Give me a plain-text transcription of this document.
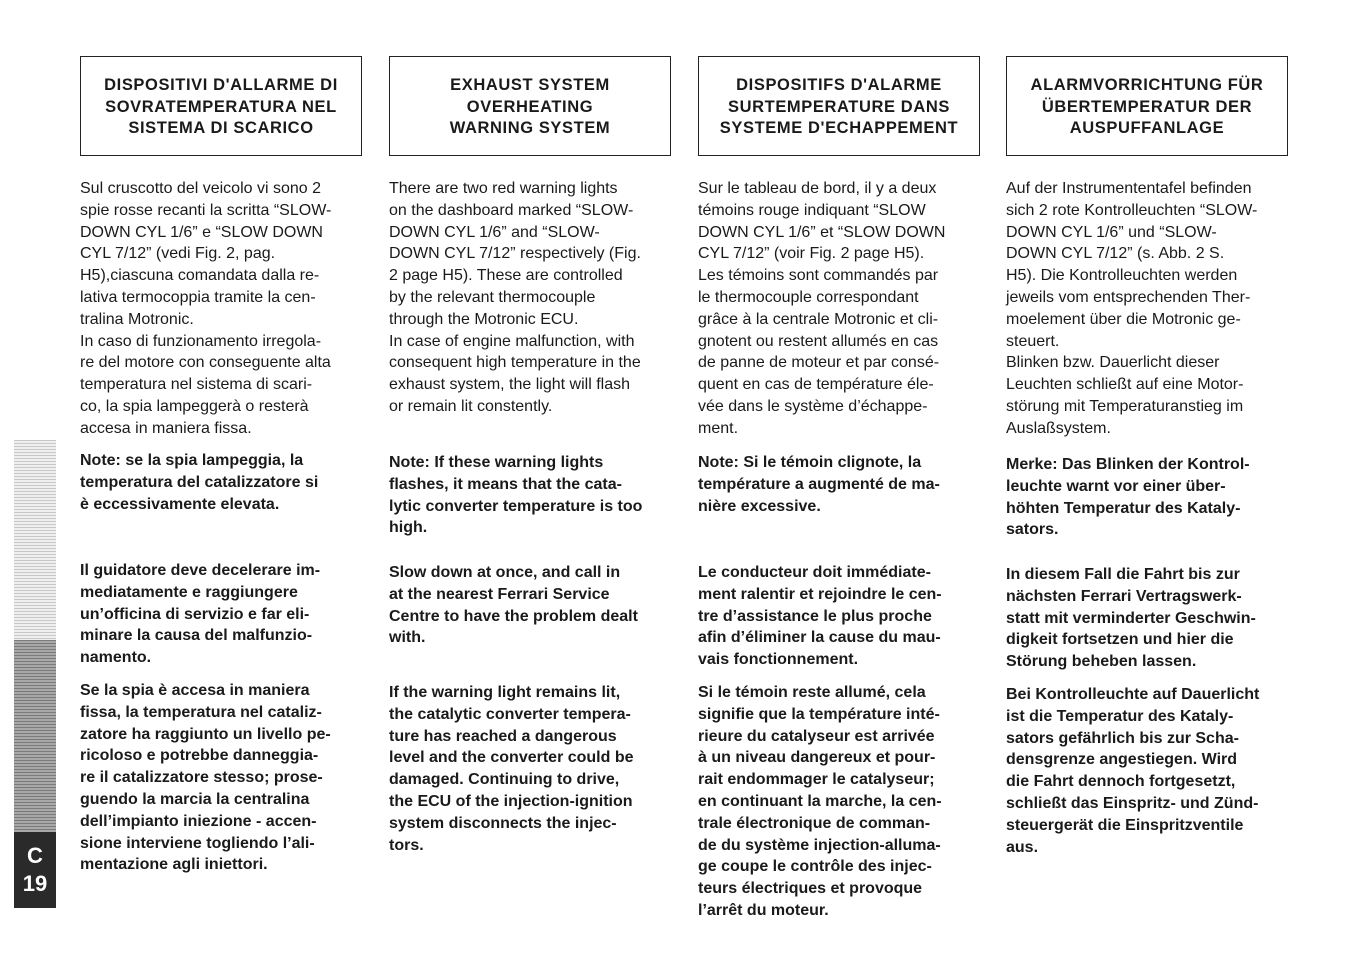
DISPOSITIVI D'ALLARME DI
SOVRATEMPERATURA NEL
SISTEMA DI SCARICO
Sul cruscotto del veicolo vi sono 2
spie rosse recanti la scritta “SLOW-
DOWN CYL 1/6” e “SLOW DOWN
CYL 7/12” (vedi Fig. 2, pag.
H5),ciascuna comandata dalla re-
lativa termocoppia tramite la cen-
tralina Motronic.
In caso di funzionamento irregola-
re del motore con conseguente alta
temperatura nel sistema di scari-
co, la spia lampeggerà o resterà
accesa in maniera fissa.
Note: se la spia lampeggia, la
temperatura del catalizzatore si
è eccessivamente elevata.
Il guidatore deve decelerare im-
mediatamente e raggiungere
un’officina di servizio e far eli-
minare la causa del malfunzio-
namento.
Se la spia è accesa in maniera
fissa, la temperatura nel cataliz-
zatore ha raggiunto un livello pe-
ricoloso e potrebbe danneggia-
re il catalizzatore stesso; prose-
guendo la marcia la centralina
dell’impianto iniezione - accen-
sione interviene togliendo l’ali-
mentazione agli iniettori.
EXHAUST SYSTEM
OVERHEATING
WARNING SYSTEM
There are two red warning lights
on the dashboard marked “SLOW-
DOWN CYL 1/6” and “SLOW-
DOWN CYL 7/12” respectively (Fig.
2 page H5). These are controlled
by the relevant thermocouple
through the Motronic ECU.
In case of engine malfunction, with
consequent high temperature in the
exhaust system, the light will flash
or remain lit constently.
Note: If these warning lights
flashes, it means that the cata-
lytic converter temperature is too
high.
Slow down at once, and call in
at the nearest Ferrari Service
Centre to have the problem dealt
with.
If the warning light remains lit,
the catalytic converter tempera-
ture has reached a dangerous
level and the converter could be
damaged. Continuing to drive,
the ECU of the injection-ignition
system disconnects the injec-
tors.
DISPOSITIFS D'ALARME
SURTEMPERATURE DANS
SYSTEME D'ECHAPPEMENT
Sur le tableau de bord, il y a deux
témoins rouge indiquant “SLOW
DOWN CYL 1/6” et “SLOW DOWN
CYL 7/12” (voir Fig. 2 page H5).
Les témoins sont commandés par
le thermocouple correspondant
grâce à la centrale Motronic et cli-
gnotent ou restent allumés en cas
de panne de moteur et par consé-
quent en cas de température éle-
vée dans le système d’échappe-
ment.
Note: Si le témoin clignote, la
température a augmenté de ma-
nière excessive.
Le conducteur doit immédiate-
ment ralentir et rejoindre le cen-
tre d’assistance le plus proche
afin d’éliminer la cause du mau-
vais fonctionnement.
Si le témoin reste allumé, cela
signifie que la température inté-
rieure du catalyseur est arrivée
à un niveau dangereux et pour-
rait endommager le catalyseur;
en continuant la marche, la cen-
trale électronique de comman-
de du système injection-alluma-
ge coupe le contrôle des injec-
teurs électriques et provoque
l’arrêt du moteur.
ALARMVORRICHTUNG FÜR
ÜBERTEMPERATUR DER
AUSPUFFANLAGE
Auf der Instrumententafel befinden
sich 2 rote Kontrolleuchten “SLOW-
DOWN CYL 1/6” und “SLOW-
DOWN CYL 7/12” (s. Abb. 2 S.
H5). Die Kontrolleuchten werden
jeweils vom entsprechenden Ther-
moelement über die Motronic ge-
steuert.
Blinken bzw. Dauerlicht dieser
Leuchten schließt auf eine Motor-
störung mit Temperaturanstieg im
Auslaßsystem.
Merke: Das Blinken der Kontrol-
leuchte warnt vor einer über-
höhten Temperatur des Kataly-
sators.
In diesem Fall die Fahrt bis zur
nächsten Ferrari Vertragswerk-
statt mit verminderter Geschwin-
digkeit fortsetzen und hier die
Störung beheben lassen.
Bei Kontrolleuchte auf Dauerlicht
ist die Temperatur des Kataly-
sators gefährlich bis zur Scha-
densgrenze angestiegen. Wird
die Fahrt dennoch fortgesetzt,
schließt das Einspritz- und Zünd-
steuergerät die Einspritzventile
aus.
C
19
